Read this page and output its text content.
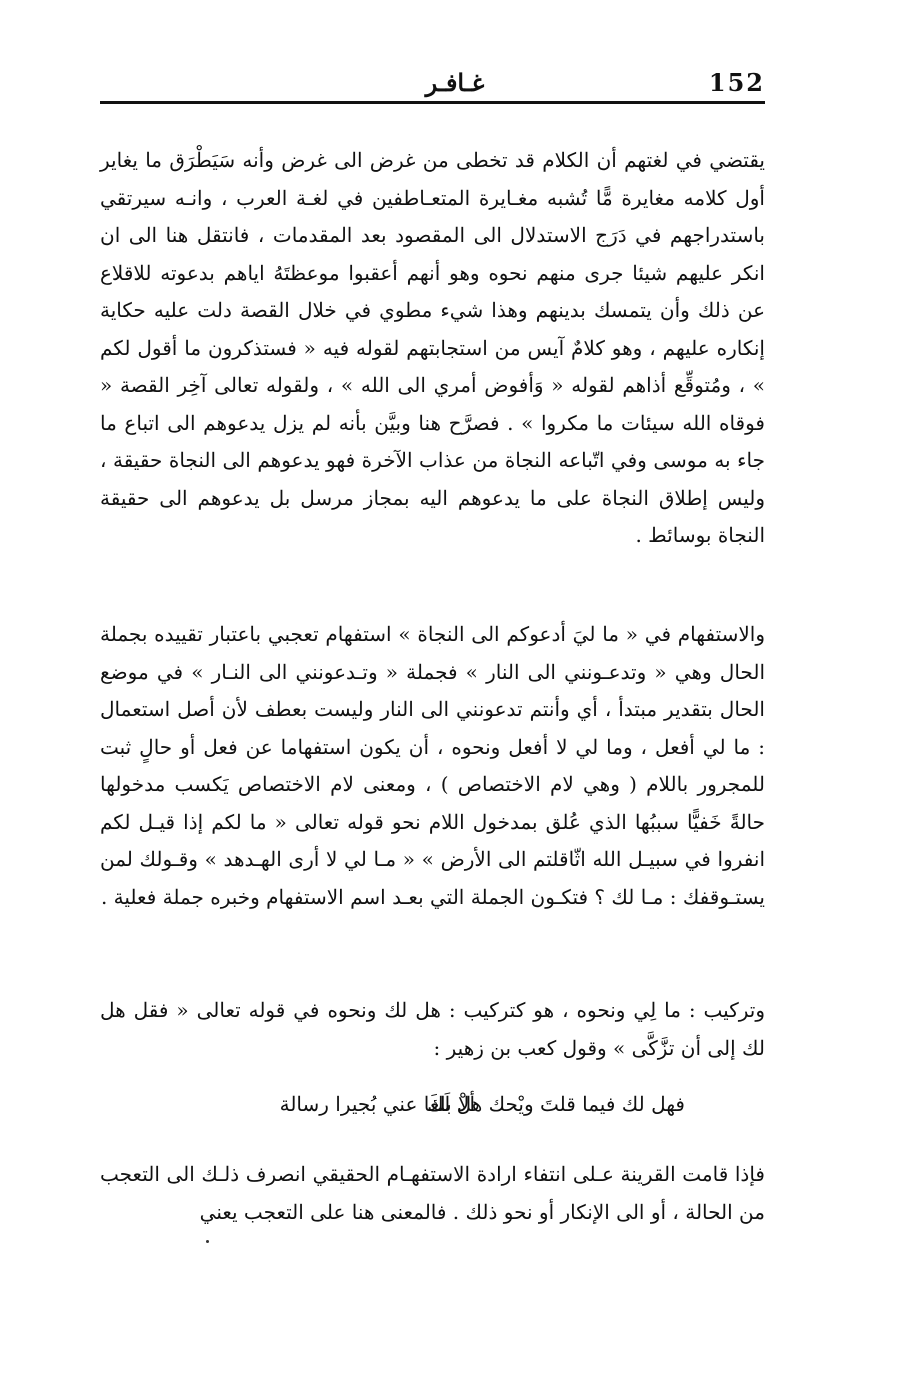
152
غـافـر

يقتضي في لغتهم أن الكلام قد تخطى من غرض الى غرض وأنه سَيَطْرَق ما يغاير أول كلامه مغايرة مًّا تُشبه مغـايرة المتعـاطفين في لغـة العرب ، وانـه سيرتقي باستدراجهم في دَرَج الاستدلال الى المقصود بعد المقدمات ، فانتقل هنا الى ان انكر عليهم شيئا جرى منهم نحوه وهو أنهم أعقبوا موعظتَهُ اياهم بدعوته للاقلاع عن ذلك وأن يتمسك بدينهم وهذا شيء مطوي في خلال القصة دلت عليه حكاية إنكاره عليهم ، وهو كلامٌ آيس من استجابتهم لقوله فيه « فستذكرون ما أقول لكم » ، ومُتوقِّع أذاهم لقوله « وَأفوض أمري الى الله » ، ولقوله تعالى آخِر القصة « فوقاه الله سيئات ما مكروا » . فصرَّح هنا وبيَّن بأنه لم يزل يدعوهم الى اتباع ما جاء به موسى وفي اتّباعه النجاة من عذاب الآخرة فهو يدعوهم الى النجاة حقيقة ، وليس إطلاق النجاة على ما يدعوهم اليه بمجاز مرسل بل يدعوهم الى حقيقة النجاة بوسائط .

والاستفهام في « ما ليَ أدعوكم الى النجاة » استفهام تعجبي باعتبار تقييده بجملة الحال وهي « وتدعـونني الى النار » فجملة « وتـدعونني الى النـار » في موضع الحال بتقدير مبتدأ ، أي وأنتم تدعونني الى النار وليست بعطف لأن أصل استعمال : ما لي أفعل ، وما لي لا أفعل ونحوه ، أن يكون استفهاما عن فعل أو حالٍ ثبت للمجرور باللام ( وهي لام الاختصاص ) ، ومعنى لام الاختصاص يَكسب مدخولها حالةً خَفيًّا سببُها الذي عُلق بمدخول اللام نحو قوله تعالى « ما لكم إذا قيـل لكم انفروا في سبيـل الله اثّاقلتم الى الأرض » « مـا لي لا أرى الهـدهد » وقـولك لمن يستـوقفك : مـا لك ؟ فتكـون الجملة التي بعـد اسم الاستفهام وخبره جملة فعلية .

وتركيب : ما لِي ونحوه ، هو كتركيب : هل لك ونحوه في قوله تعالى « فقل هل لك إلى أن تزَّكَّى » وقول كعب بن زهير :

ألا بلغا عني بُجيرا رسالة
فهل لك فيما قلتَ ويْحك هلْ لَكَ

فإذا قامت القرينة عـلى انتفاء ارادة الاستفهـام الحقيقي انصرف ذلـك الى التعجب من الحالة ، أو الى الإنكار أو نحو ذلك . فالمعنى هنا على التعجب يعني
